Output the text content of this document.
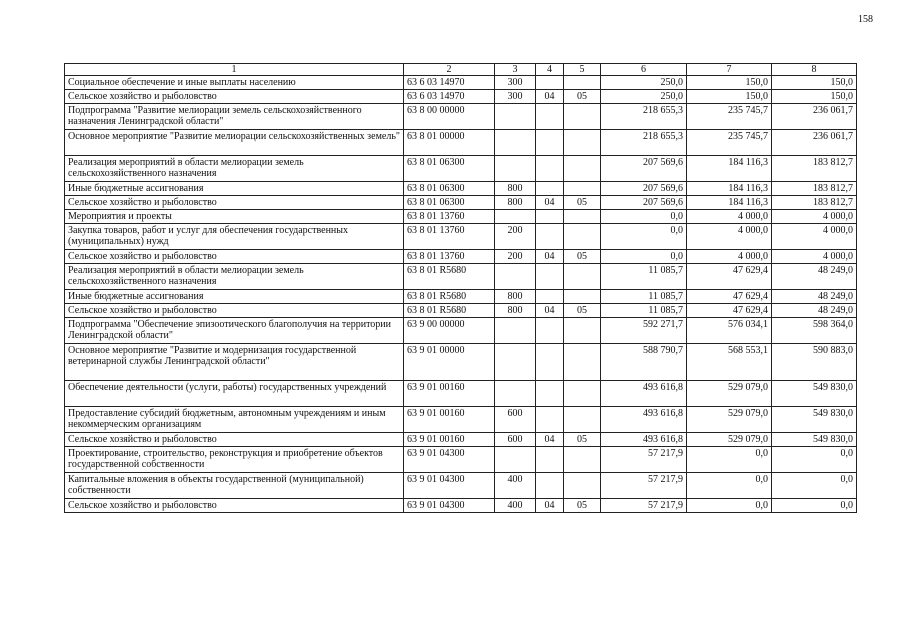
158
1	2	3	4	5	6	7	8
Социальное обеспечение и иные выплаты населению	63 6 03 14970	300			250,0	150,0	150,0
Сельское хозяйство и рыболовство	63 6 03 14970	300	04	05	250,0	150,0	150,0
Подпрограмма "Развитие мелиорации земель сельскохозяйственного назначения Ленинградской области"	63 8 00 00000				218 655,3	235 745,7	236 061,7
Основное мероприятие "Развитие мелиорации сельскохозяйственных земель"	63 8 01 00000				218 655,3	235 745,7	236 061,7
Реализация мероприятий в области мелиорации земель сельскохозяйственного назначения	63 8 01 06300				207 569,6	184 116,3	183 812,7
Иные бюджетные ассигнования	63 8 01 06300	800			207 569,6	184 116,3	183 812,7
Сельское хозяйство и рыболовство	63 8 01 06300	800	04	05	207 569,6	184 116,3	183 812,7
Мероприятия и проекты	63 8 01 13760				0,0	4 000,0	4 000,0
Закупка товаров, работ и услуг для обеспечения государственных (муниципальных) нужд	63 8 01 13760	200			0,0	4 000,0	4 000,0
Сельское хозяйство и рыболовство	63 8 01 13760	200	04	05	0,0	4 000,0	4 000,0
Реализация мероприятий в области мелиорации земель сельскохозяйственного назначения	63 8 01 R5680				11 085,7	47 629,4	48 249,0
Иные бюджетные ассигнования	63 8 01 R5680	800			11 085,7	47 629,4	48 249,0
Сельское хозяйство и рыболовство	63 8 01 R5680	800	04	05	11 085,7	47 629,4	48 249,0
Подпрограмма "Обеспечение эпизоотического благополучия на территории Ленинградской области"	63 9 00 00000				592 271,7	576 034,1	598 364,0
Основное мероприятие "Развитие и модернизация государственной ветеринарной службы Ленинградской области"	63 9 01 00000				588 790,7	568 553,1	590 883,0
Обеспечение деятельности (услуги, работы) государственных учреждений	63 9 01 00160				493 616,8	529 079,0	549 830,0
Предоставление субсидий бюджетным, автономным учреждениям и иным некоммерческим организациям	63 9 01 00160	600			493 616,8	529 079,0	549 830,0
Сельское хозяйство и рыболовство	63 9 01 00160	600	04	05	493 616,8	529 079,0	549 830,0
Проектирование, строительство, реконструкция и приобретение объектов государственной собственности	63 9 01 04300				57 217,9	0,0	0,0
Капитальные вложения в объекты государственной (муниципальной) собственности	63 9 01 04300	400			57 217,9	0,0	0,0
Сельское хозяйство и рыболовство	63 9 01 04300	400	04	05	57 217,9	0,0	0,0
